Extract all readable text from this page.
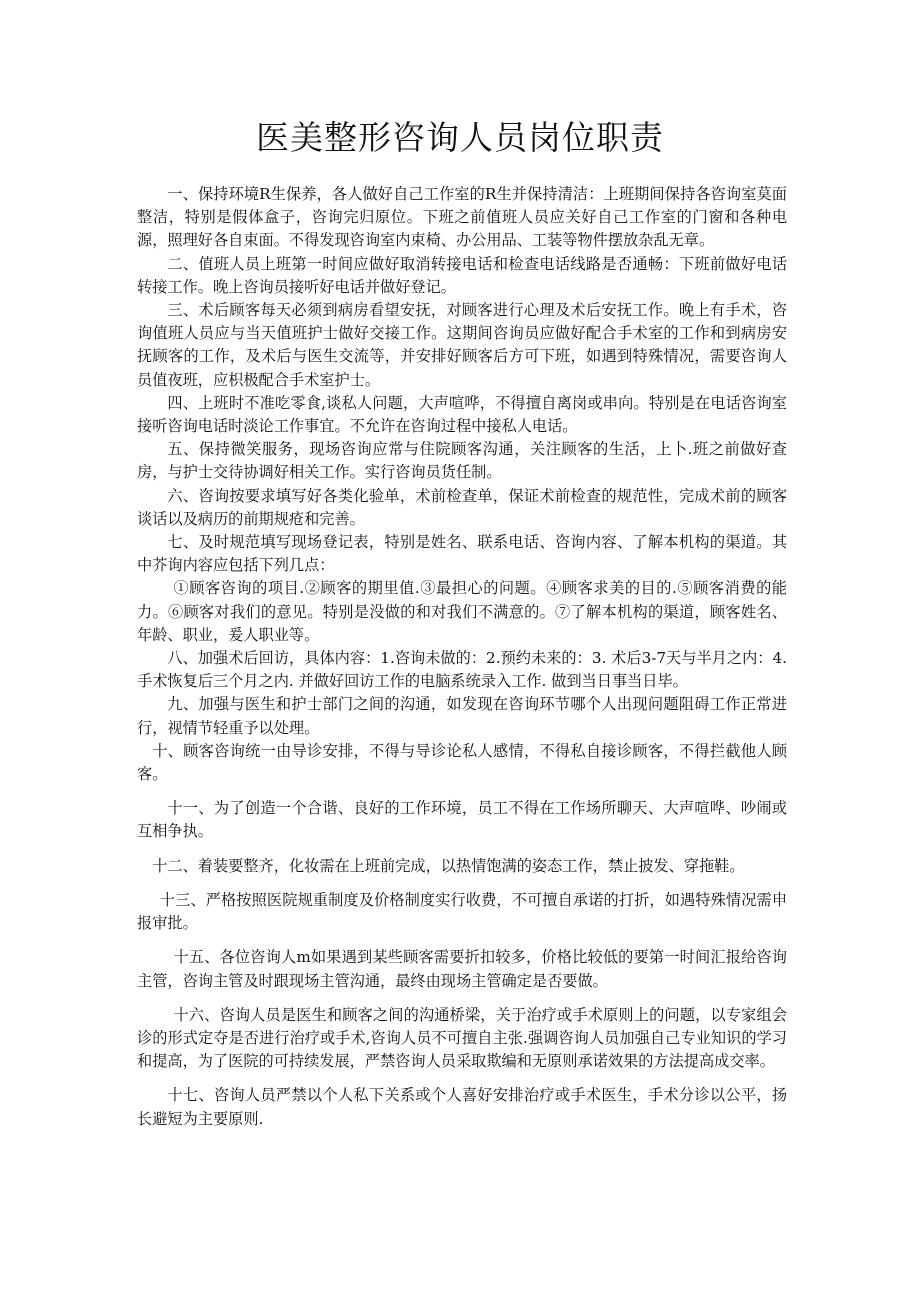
医美整形咨询人员岗位职责

一、保持环境R生保养，各人做好自己工作室的R生并保持清洁：上班期间保持各咨询室莫面整洁，特别是假体盒子，咨询完归原位。下班之前值班人员应关好自己工作室的门窗和各种电源，照理好各自束面。不得发现咨询室内束椅、办公用品、工装等物件摆放杂乱无章。

二、值班人员上班第一时间应做好取消转接电话和检查电话线路是否通畅：下班前做好电话转接工作。晚上咨询员接听好电话并做好登记。

三、术后顾客每天必须到病房看望安抚，对顾客进行心理及术后安抚工作。晚上有手术，咨询值班人员应与当天值班护士做好交接工作。这期间咨询员应做好配合手术室的工作和到病房安抚顾客的工作，及术后与医生交流等，并安排好顾客后方可下班，如遇到特殊情况，需要咨询人员值夜班，应枳极配合手术室护士。

四、上班时不准吃零食,谈私人问题，大声喧哗，不得擅自离岗或串向。特别是在电话咨询室接听咨询电话时淡论工作事宜。不允许在咨询过程中接私人电话。

五、保持微笑服务，现场咨询应常与住院顾客沟通，关注顾客的生活，上卜.班之前做好查房，与护士交待协调好相关工作。实行咨询员货任制。

六、咨询按要求填写好各类化验单，术前检查单，保证术前检查的规范性，完成术前的顾客谈话以及病历的前期规疮和完善。

七、及时规范填写现场登记表，特别是姓名、联系电话、咨询内容、了解本机构的渠道。其中芥询内容应包括下列几点：

①顾客咨询的项目.②顾客的期里值.③最担心的问题。④顾客求美的目的.⑤顾客消费的能力。⑥顾客对我们的意见。特别是没做的和对我们不满意的。⑦了解本机构的渠道，顾客姓名、年龄、职业，爰人职业等。

八、加强术后回访，具体内容：1.咨询未做的：2.预约未来的：3. 术后3-7天与半月之内：4. 手术恢复后三个月之内. 并做好回访工作的电脑系统录入工作. 做到当日事当日毕。

九、加强与医生和护士部门之间的沟通，如发现在咨询环节哪个人出现问题阻碍工作正常进行，视情节轻重予以处理。

十、顾客咨询统一由导诊安排，不得与导诊论私人感情，不得私自接诊顾客，不得拦截他人顾客。

十一、为了创造一个合谐、良好的工作环境，员工不得在工作场所聊天、大声喧哗、吵闹或互相争执。

十二、着装要整齐，化妆需在上班前完成，以热情饱满的姿态工作，禁止披发、穿拖鞋。

十三、严格按照医院规重制度及价格制度实行收费，不可擅自承诺的打折，如遇特殊情况需申报审批。

十五、各位咨询人m如果遇到某些顾客需要折扣较多，价格比较低的要第一时间汇报给咨询主管，咨询主管及时跟现场主管沟通，最终由现场主管确定是否要做。

十六、咨询人员是医生和顾客之间的沟通桥梁，关于治疗或手术原则上的问题，以专家组会诊的形式定夺是否进行治疗或手术,咨询人员不可擅自主张.强调咨询人员加强自己专业知识的学习和提高，为了医院的可持续发展，严禁咨询人员采取欺编和无原则承诺效果的方法提高成交率。

十七、咨询人员严禁以个人私下关系或个人喜好安排治疗或手术医生，手术分诊以公平，扬长避短为主要原则.
